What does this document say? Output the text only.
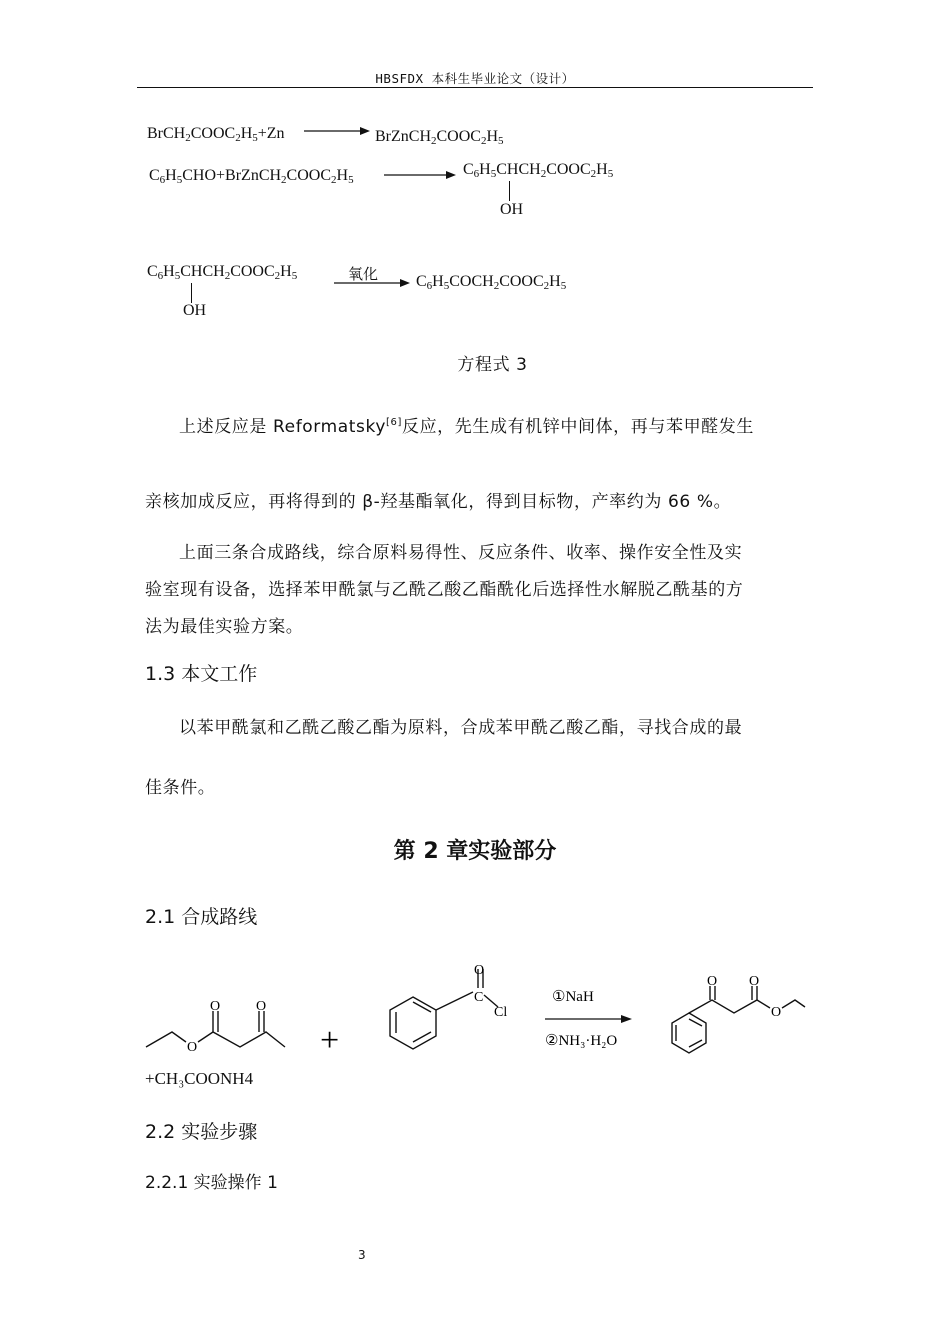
HBSFDX 本科生毕业论文（设计）
$BrCH_2COOC_2H_5+Zn$	$BrZnCH_2COOC_2H_5$
$C_6H_5CHO+BrZnCH_2COOC_2H_5$
$C_6H_5CHCH_2COOC_2H_5$
OH
$C_6H_5CHCH_2COOC_2H_5$
OH
氧化 $C_6H_5COCH_2COOC_2H_5$
方程式 3
上述反应是 Reformatsky[6]反应，先生成有机锌中间体，再与苯甲醛发生
亲核加成反应，再将得到的 β-羟基酯氧化，得到目标物，产率约为 66 %。
上面三条合成路线，综合原料易得性、反应条件、收率、操作安全性及实
验室现有设备，选择苯甲酰氯与乙酰乙酸乙酯酰化后选择性水解脱乙酰基的方
法为最佳实验方案。
1.3 本文工作
以苯甲酰氯和乙酰乙酸乙酯为原料，合成苯甲酰乙酸乙酯，寻找合成的最
佳条件。
第 2 章实验部分
2.1 合成路线
O
O	O
+
C
O
Cl
①NaH
②NH₃·H₂O
O O
O
+CH₃COONH4
2.2 实验步骤
2.2.1 实验操作 1
3
